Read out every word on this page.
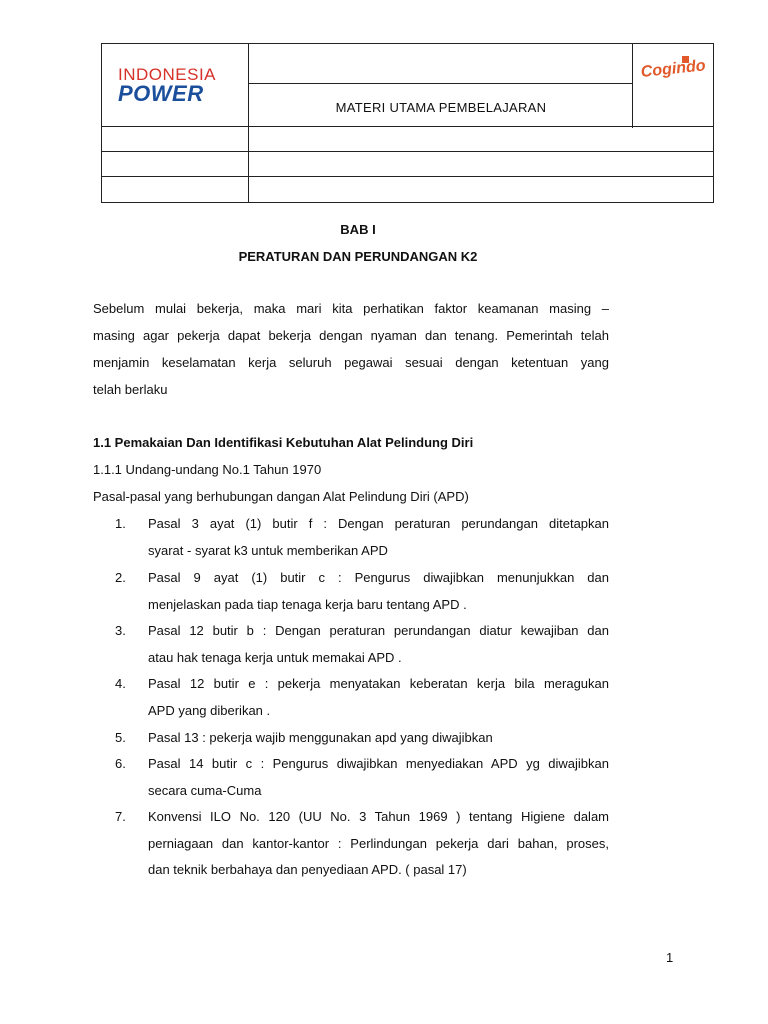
INDONESIA
POWER
MATERI UTAMA PEMBELAJARAN
Cogindo
BAB I
PERATURAN DAN PERUNDANGAN K2
Sebelum mulai bekerja, maka mari kita perhatikan faktor keamanan masing –
masing agar pekerja dapat bekerja dengan nyaman dan tenang. Pemerintah telah
menjamin keselamatan kerja seluruh pegawai sesuai dengan ketentuan yang
telah berlaku
1.1 Pemakaian Dan Identifikasi Kebutuhan Alat Pelindung Diri
1.1.1 Undang-undang No.1 Tahun 1970
Pasal-pasal yang berhubungan dangan Alat Pelindung Diri (APD)
1. Pasal 3 ayat (1) butir f : Dengan peraturan perundangan ditetapkan
syarat - syarat k3 untuk memberikan APD
2. Pasal 9 ayat (1) butir c : Pengurus diwajibkan menunjukkan dan
menjelaskan pada tiap tenaga kerja baru tentang APD .
3. Pasal 12 butir b : Dengan peraturan perundangan diatur kewajiban dan
atau hak tenaga kerja untuk memakai APD .
4. Pasal 12 butir e : pekerja menyatakan keberatan kerja bila meragukan
APD yang diberikan .
5. Pasal 13 : pekerja wajib menggunakan apd yang diwajibkan
6. Pasal 14 butir c : Pengurus diwajibkan menyediakan APD yg diwajibkan
secara cuma-Cuma
7. Konvensi ILO No. 120 (UU No. 3 Tahun 1969 ) tentang Higiene dalam
perniagaan dan kantor-kantor : Perlindungan pekerja dari bahan, proses,
dan teknik berbahaya dan penyediaan APD. ( pasal 17)
1
